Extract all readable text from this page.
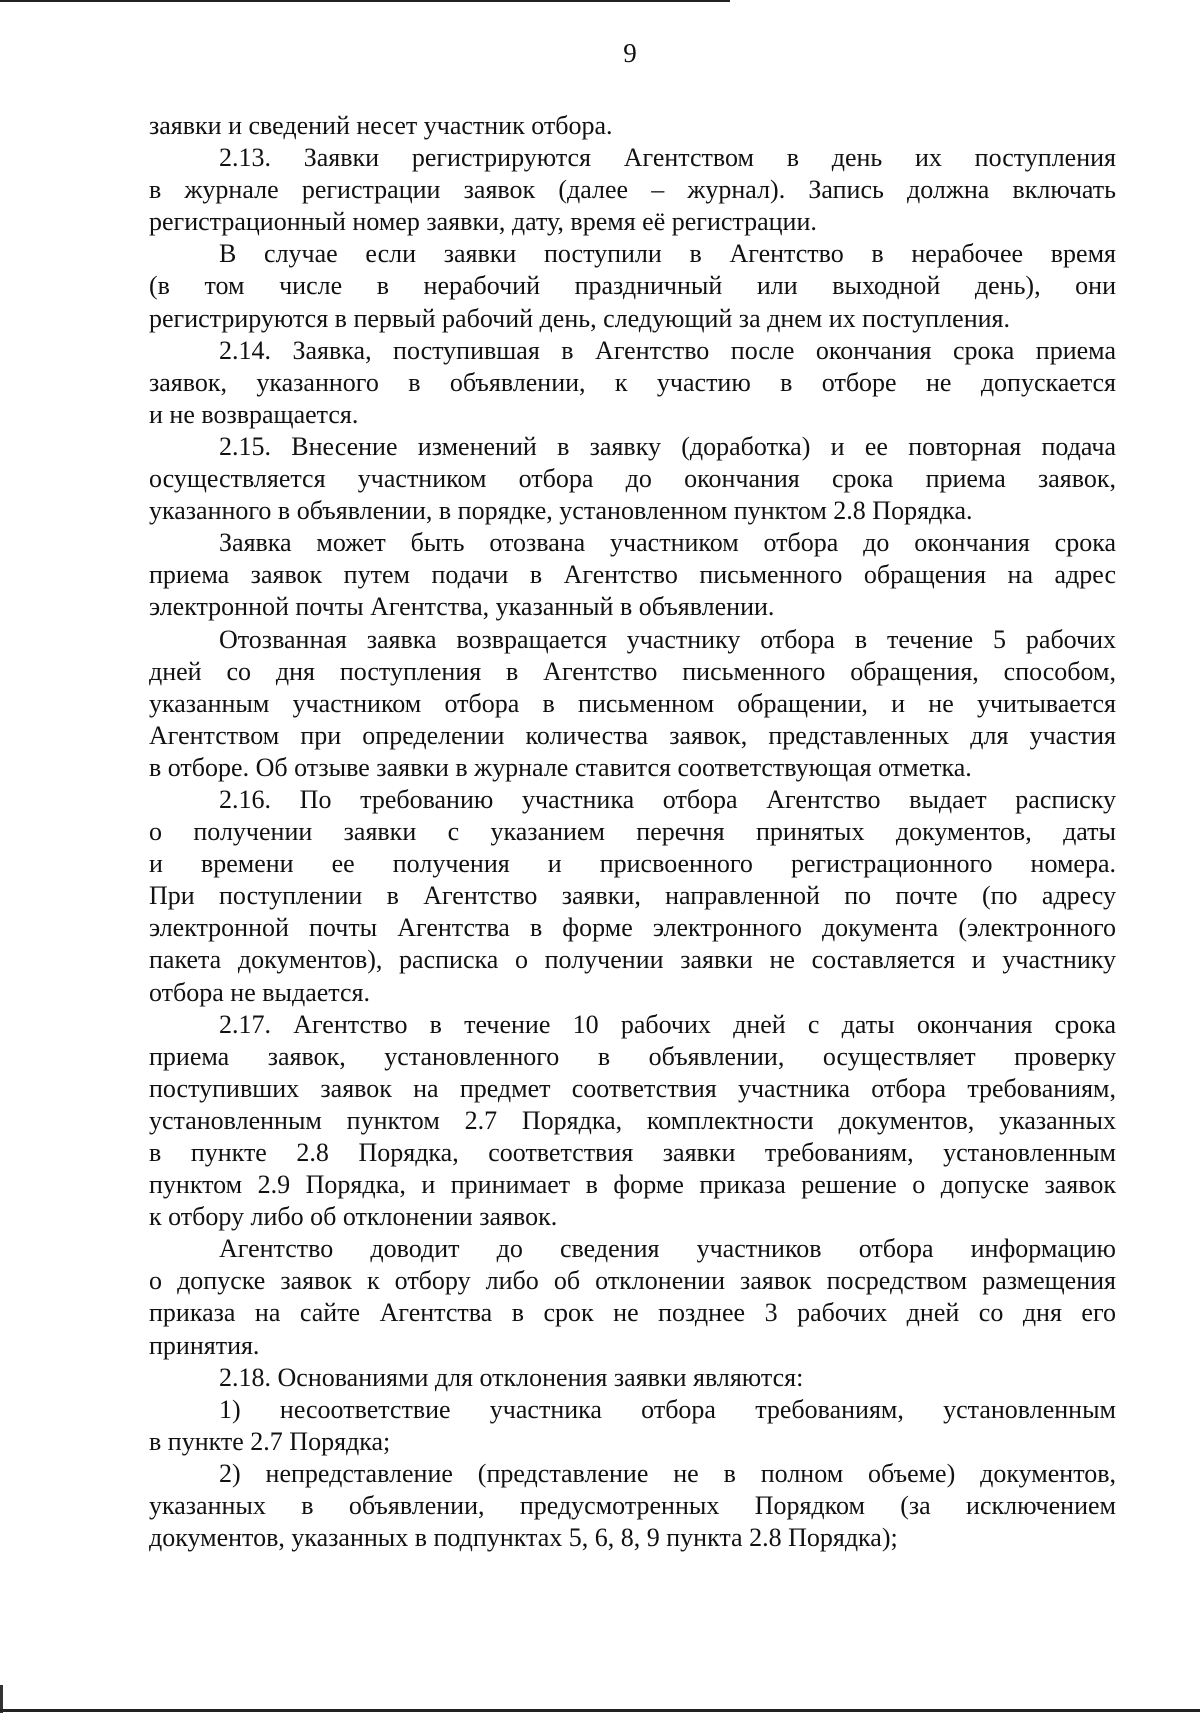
9
заявки и сведений несет участник отбора.
2.13. Заявки регистрируются Агентством в день их поступления
в журнале регистрации заявок (далее – журнал). Запись должна включать
регистрационный номер заявки, дату, время её регистрации.
В случае если заявки поступили в Агентство в нерабочее время
(в том числе в нерабочий праздничный или выходной день), они
регистрируются в первый рабочий день, следующий за днем их поступления.
2.14. Заявка, поступившая в Агентство после окончания срока приема
заявок, указанного в объявлении, к участию в отборе не допускается
и не возвращается.
2.15. Внесение изменений в заявку (доработка) и ее повторная подача
осуществляется участником отбора до окончания срока приема заявок,
указанного в объявлении, в порядке, установленном пунктом 2.8 Порядка.
Заявка может быть отозвана участником отбора до окончания срока
приема заявок путем подачи в Агентство письменного обращения на адрес
электронной почты Агентства, указанный в объявлении.
Отозванная заявка возвращается участнику отбора в течение 5 рабочих
дней со дня поступления в Агентство письменного обращения, способом,
указанным участником отбора в письменном обращении, и не учитывается
Агентством при определении количества заявок, представленных для участия
в отборе. Об отзыве заявки в журнале ставится соответствующая отметка.
2.16. По требованию участника отбора Агентство выдает расписку
о получении заявки с указанием перечня принятых документов, даты
и времени ее получения и присвоенного регистрационного номера.
При поступлении в Агентство заявки, направленной по почте (по адресу
электронной почты Агентства в форме электронного документа (электронного
пакета документов), расписка о получении заявки не составляется и участнику
отбора не выдается.
2.17. Агентство в течение 10 рабочих дней с даты окончания срока
приема заявок, установленного в объявлении, осуществляет проверку
поступивших заявок на предмет соответствия участника отбора требованиям,
установленным пунктом 2.7 Порядка, комплектности документов, указанных
в пункте 2.8 Порядка, соответствия заявки требованиям, установленным
пунктом 2.9 Порядка, и принимает в форме приказа решение о допуске заявок
к отбору либо об отклонении заявок.
Агентство доводит до сведения участников отбора информацию
о допуске заявок к отбору либо об отклонении заявок посредством размещения
приказа на сайте Агентства в срок не позднее 3 рабочих дней со дня его
принятия.
2.18. Основаниями для отклонения заявки являются:
1) несоответствие участника отбора требованиям, установленным
в пункте 2.7 Порядка;
2) непредставление (представление не в полном объеме) документов,
указанных в объявлении, предусмотренных Порядком (за исключением
документов, указанных в подпунктах 5, 6, 8, 9 пункта 2.8 Порядка);
